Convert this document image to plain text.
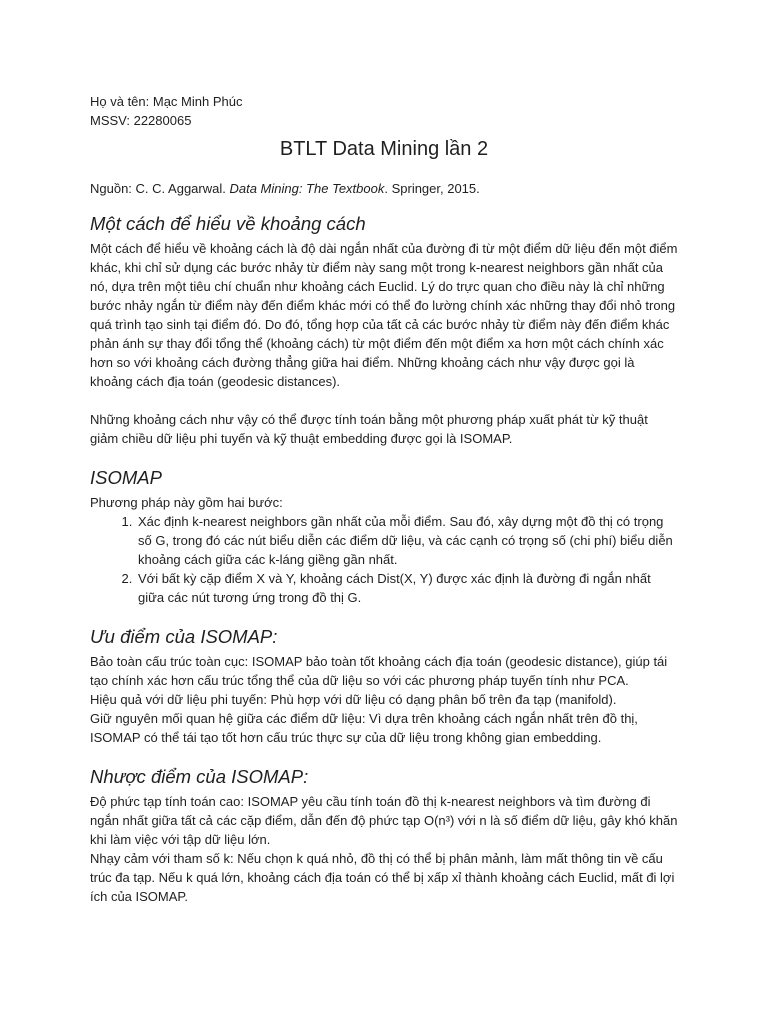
Họ và tên: Mạc Minh Phúc
MSSV: 22280065
BTLT Data Mining lần 2

Nguồn: C. C. Aggarwal. Data Mining: The Textbook. Springer, 2015.

Một cách để hiểu về khoảng cách

Một cách để hiểu về khoảng cách là độ dài ngắn nhất của đường đi từ một điểm dữ liệu đến một điểm khác, khi chỉ sử dụng các bước nhảy từ điểm này sang một trong k-nearest neighbors gần nhất của nó, dựa trên một tiêu chí chuẩn như khoảng cách Euclid. Lý do trực quan cho điều này là chỉ những bước nhảy ngắn từ điểm này đến điểm khác mới có thể đo lường chính xác những thay đổi nhỏ trong quá trình tạo sinh tại điểm đó. Do đó, tổng hợp của tất cả các bước nhảy từ điểm này đến điểm khác phản ánh sự thay đổi tổng thể (khoảng cách) từ một điểm đến một điểm xa hơn một cách chính xác hơn so với khoảng cách đường thẳng giữa hai điểm. Những khoảng cách như vậy được gọi là khoảng cách địa toán (geodesic distances).

Những khoảng cách như vậy có thể được tính toán bằng một phương pháp xuất phát từ kỹ thuật giảm chiều dữ liệu phi tuyến và kỹ thuật embedding được gọi là ISOMAP.

ISOMAP

Phương pháp này gồm hai bước:

1. Xác định k-nearest neighbors gần nhất của mỗi điểm. Sau đó, xây dựng một đồ thị có trọng số G, trong đó các nút biểu diễn các điểm dữ liệu, và các cạnh có trọng số (chi phí) biểu diễn khoảng cách giữa các k-láng giềng gần nhất.
2. Với bất kỳ cặp điểm X và Y, khoảng cách Dist(X, Y) được xác định là đường đi ngắn nhất giữa các nút tương ứng trong đồ thị G.
Ưu điểm của ISOMAP:

Bảo toàn cấu trúc toàn cục: ISOMAP bảo toàn tốt khoảng cách địa toán (geodesic distance), giúp tái tạo chính xác hơn cấu trúc tổng thể của dữ liệu so với các phương pháp tuyến tính như PCA.

Hiệu quả với dữ liệu phi tuyến: Phù hợp với dữ liệu có dạng phân bố trên đa tạp (manifold).

Giữ nguyên mối quan hệ giữa các điểm dữ liệu: Vì dựa trên khoảng cách ngắn nhất trên đồ thị, ISOMAP có thể tái tạo tốt hơn cấu trúc thực sự của dữ liệu trong không gian embedding.

Nhược điểm của ISOMAP:

Độ phức tạp tính toán cao: ISOMAP yêu cầu tính toán đồ thị k-nearest neighbors và tìm đường đi ngắn nhất giữa tất cả các cặp điểm, dẫn đến độ phức tạp O(n³) với n là số điểm dữ liệu, gây khó khăn khi làm việc với tập dữ liệu lớn.

Nhạy cảm với tham số k: Nếu chọn k quá nhỏ, đồ thị có thể bị phân mảnh, làm mất thông tin về cấu trúc đa tạp. Nếu k quá lớn, khoảng cách địa toán có thể bị xấp xỉ thành khoảng cách Euclid, mất đi lợi ích của ISOMAP.
